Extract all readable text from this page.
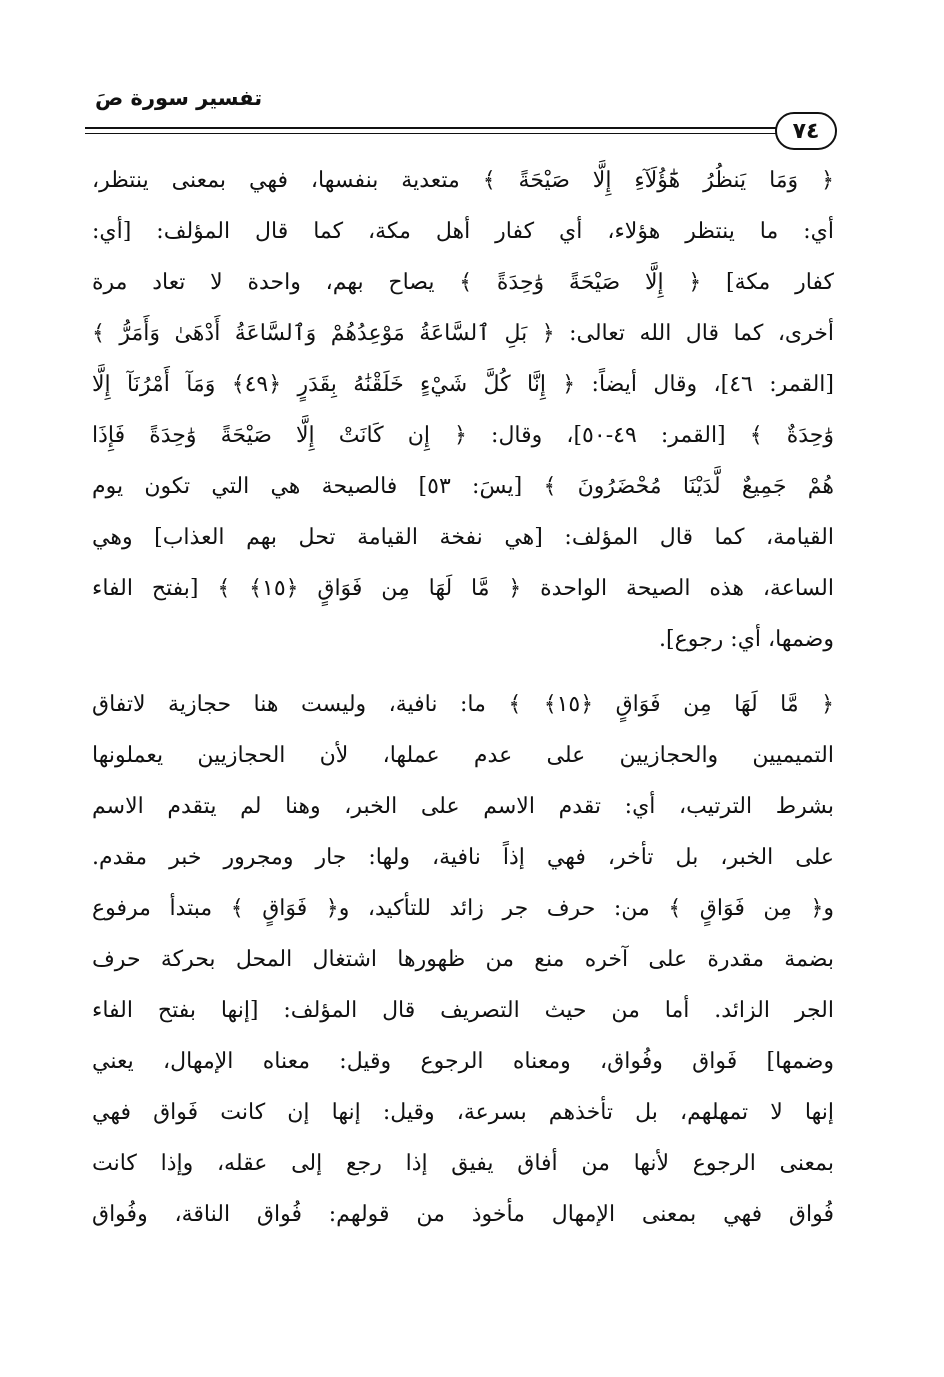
تفسير سورة صَ
٧٤
﴿ وَمَا يَنظُرُ هَٰٓؤُلَآءِ إِلَّا صَيْحَةً ﴾ متعدية بنفسها، فهي بمعنى ينتظر،
أي: ما ينتظر هؤلاء، أي كفار أهل مكة، كما قال المؤلف: [أي:
كفار مكة] ﴿ إِلَّا صَيْحَةً وَٰحِدَةً ﴾ يصاح بهم، واحدة لا تعاد مرة
أخرى، كما قال الله تعالى: ﴿ بَلِ ٱلسَّاعَةُ مَوْعِدُهُمْ وَٱلسَّاعَةُ أَدْهَىٰ وَأَمَرُّ ﴾
[القمر: ٤٦]، وقال أيضاً: ﴿ إِنَّا كُلَّ شَيْءٍ خَلَقْنَٰهُ بِقَدَرٍ ﴿٤٩﴾ وَمَآ أَمْرُنَآ إِلَّا
وَٰحِدَةٌ ﴾ [القمر: ٤٩-٥٠]، وقال: ﴿ إِن كَانَتْ إِلَّا صَيْحَةً وَٰحِدَةً فَإِذَا
هُمْ جَمِيعٌ لَّدَيْنَا مُحْضَرُونَ ﴾ [يسَ: ٥٣] فالصيحة هي التي تكون يوم
القيامة، كما قال المؤلف: [هي نفخة القيامة تحل بهم العذاب] وهي
الساعة، هذه الصيحة الواحدة ﴿ مَّا لَهَا مِن فَوَاقٍ ﴿١٥﴾ ﴾ [بفتح الفاء
وضمها، أي: رجوع].
﴿ مَّا لَهَا مِن فَوَاقٍ ﴿١٥﴾ ﴾ ما: نافية، وليست هنا حجازية لاتفاق
التميميين والحجازيين على عدم عملها، لأن الحجازيين يعملونها
بشرط الترتيب، أي: تقدم الاسم على الخبر، وهنا لم يتقدم الاسم
على الخبر، بل تأخر، فهي إذاً نافية، ولها: جار ومجرور خبر مقدم.
و﴿ مِن فَوَاقٍ ﴾ من: حرف جر زائد للتأكيد، و﴿ فَوَاقٍ ﴾ مبتدأ مرفوع
بضمة مقدرة على آخره منع من ظهورها اشتغال المحل بحركة حرف
الجر الزائد. أما من حيث التصريف قال المؤلف: [إنها بفتح الفاء
وضمها] فَواق وفُواق، ومعناه الرجوع وقيل: معناه الإمهال، يعني
إنها لا تمهلهم، بل تأخذهم بسرعة، وقيل: إنها إن كانت فَواق فهي
بمعنى الرجوع لأنها من أفاق يفيق إذا رجع إلى عقله، وإذا كانت
فُواق فهي بمعنى الإمهال مأخوذ من قولهم: فُواق الناقة، وفُواق
